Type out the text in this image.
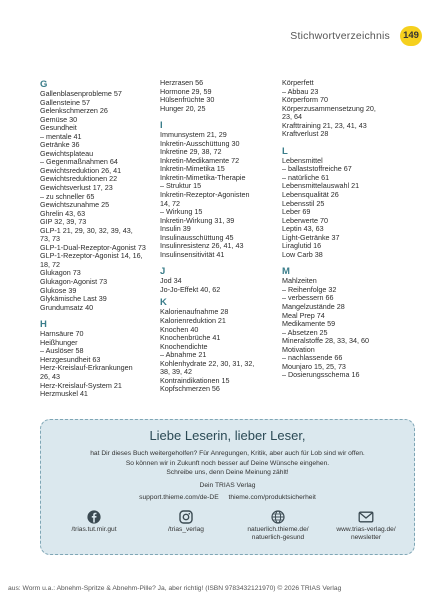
Stichwortverzeichnis	149
G
Gallenblasenprobleme 57
Gallensteine 57
Gelenkschmerzen 26
Gemüse 30
Gesundheit
– mentale 41
Getränke 36
Gewichtsplateau
– Gegenmaßnahmen 64
Gewichtsreduktion 26, 41
Gewichtsreduktionen 22
Gewichtsverlust 17, 23
– zu schneller 65
Gewichtszunahme 25
Ghrelin 43, 63
GIP 32, 39, 73
GLP-1 21, 29, 30, 32, 39, 43,
73, 73
GLP-1-Dual-Rezeptor-Agonist 73
GLP-1-Rezeptor-Agonist 14, 16,
18, 72
Glukagon 73
Glukagon-Agonist 73
Glukose 39
Glykämische Last 39
Grundumsatz 40
H
Harnsäure 70
Heißhunger
– Auslöser 58
Herzgesundheit 63
Herz-Kreislauf-Erkrankungen
26, 43
Herz-Kreislauf-System 21
Herzmuskel 41
Herzrasen 56
Hormone 29, 59
Hülsenfrüchte 30
Hunger 20, 25
I
Immunsystem 21, 29
Inkretin-Ausschüttung 30
Inkretine 29, 38, 72
Inkretin-Medikamente 72
Inkretin-Mimetika 15
Inkretin-Mimetika-Therapie
– Struktur 15
Inkretin-Rezeptor-Agonisten
14, 72
– Wirkung 15
Inkretin-Wirkung 31, 39
Insulin 39
Insulinausschüttung 45
Insulinresistenz 26, 41, 43
Insulinsensitivität 41
J
Jod 34
Jo-Jo-Effekt 40, 62
K
Kalorienaufnahme 28
Kalorienreduktion 21
Knochen 40
Knochenbrüche 41
Knochendichte
– Abnahme 21
Kohlenhydrate 22, 30, 31, 32,
38, 39, 42
Kontraindikationen 15
Kopfschmerzen 56
Körperfett
– Abbau 23
Körperform 70
Körperzusammensetzung 20,
23, 64
Krafttraining 21, 23, 41, 43
Kraftverlust 28
L
Lebensmittel
– ballaststoffreiche 67
– natürliche 61
Lebensmittelauswahl 21
Lebensqualität 26
Lebensstil 25
Leber 69
Leberwerte 70
Leptin 43, 63
Light-Getränke 37
Liraglutid 16
Low Carb 38
M
Mahlzeiten
– Reihenfolge 32
– verbessern 66
Mangelzustände 28
Meal Prep 74
Medikamente 59
– Absetzen 25
Mineralstoffe 28, 33, 34, 60
Motivation
– nachlassende 66
Mounjaro 15, 25, 73
– Dosierungsschema 16
Liebe Leserin, lieber Leser,
hat Dir dieses Buch weitergeholfen? Für Anregungen, Kritik, aber auch für Lob sind wir offen.
So können wir in Zukunft noch besser auf Deine Wünsche eingehen.
Schreibe uns, denn Deine Meinung zählt!
Dein TRIAS Verlag
support.thieme.com/de-DE thieme.com/produktsicherheit
/trias.tut.mir.gut	/trias_verlag	natuerlich.thieme.de/
natuerlich-gesund
www.trias-verlag.de/
newsletter
aus: Worm u.a.: Abnehm-Spritze & Abnehm-Pille? Ja, aber richtig! (ISBN 9783432121970) © 2026 TRIAS Verlag
